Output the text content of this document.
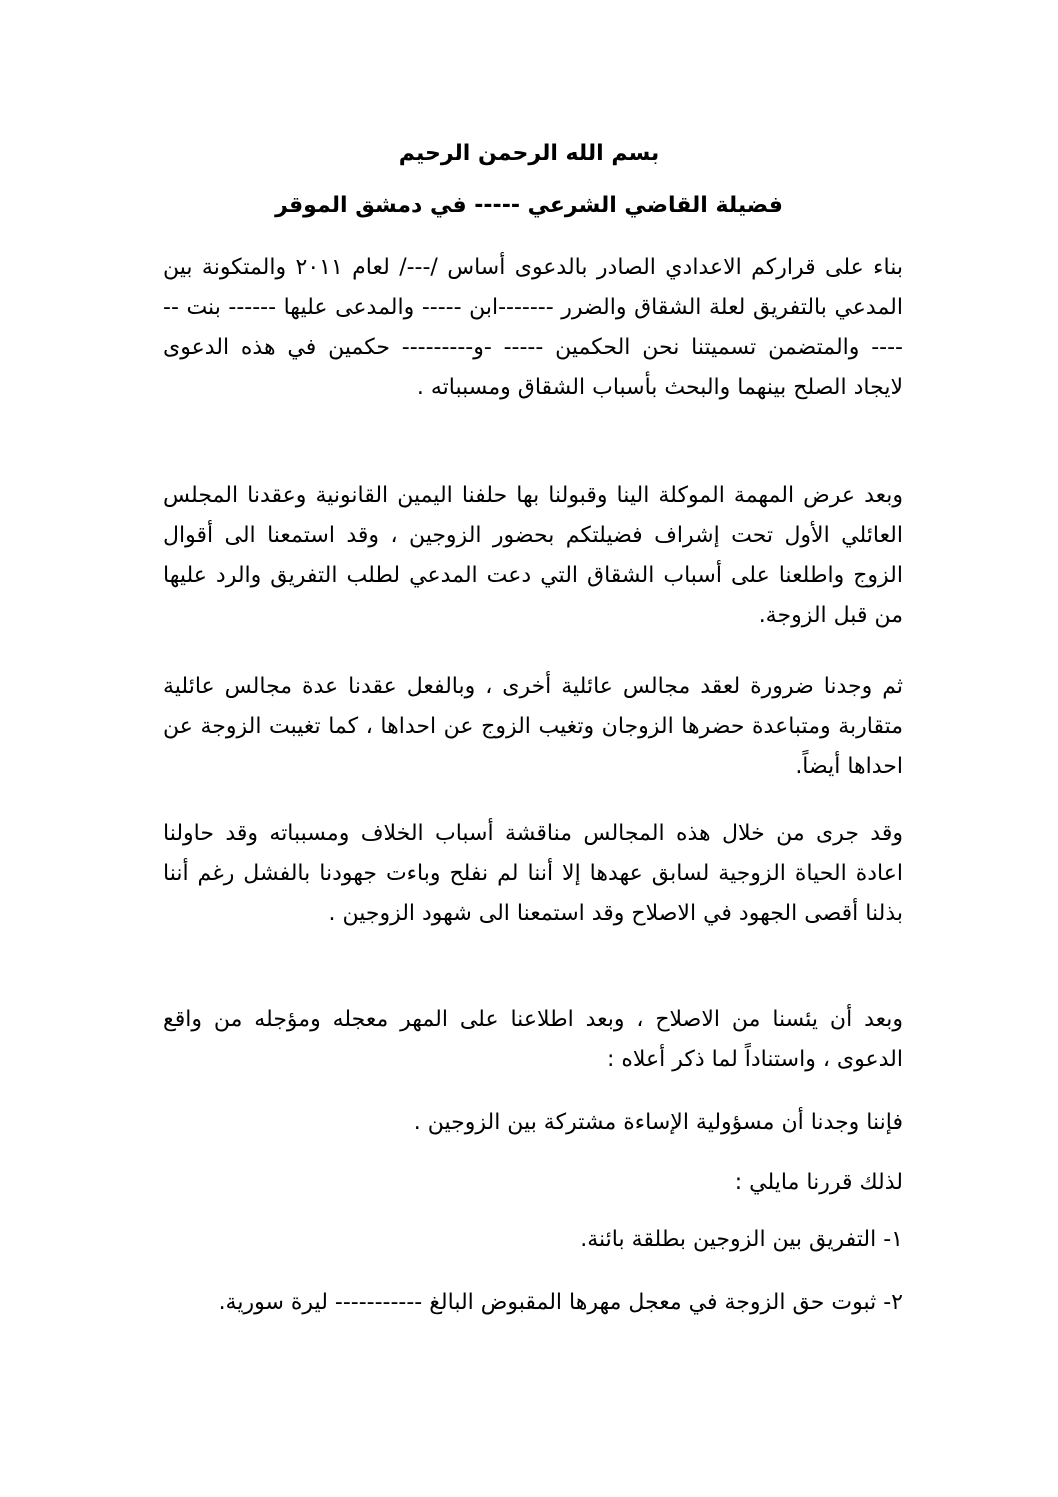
بسم الله الرحمن الرحيم
فضيلة القاضي الشرعي ----- في دمشق الموقر

بناء على قراركم الاعدادي الصادر بالدعوى أساس /---/ لعام ٢٠١١ والمتكونة بين المدعي بالتفريق لعلة الشقاق والضرر -------ابن ----- والمدعى عليها ------ بنت ------ والمتضمن تسميتنا نحن الحكمين ----- -و--------- حكمين في هذه الدعوى لايجاد الصلح بينهما والبحث بأسباب الشقاق ومسبباته .

وبعد عرض المهمة الموكلة الينا وقبولنا بها حلفنا اليمين القانونية وعقدنا المجلس العائلي الأول تحت إشراف فضيلتكم بحضور الزوجين ، وقد استمعنا الى أقوال الزوج واطلعنا على أسباب الشقاق التي دعت المدعي لطلب التفريق والرد عليها من قبل الزوجة.

ثم وجدنا ضرورة لعقد مجالس عائلية أخرى ، وبالفعل عقدنا عدة مجالس عائلية متقاربة ومتباعدة حضرها الزوجان وتغيب الزوج عن احداها ، كما تغيبت الزوجة عن احداها أيضاً.

وقد جرى من خلال هذه المجالس مناقشة أسباب الخلاف ومسبباته وقد حاولنا اعادة الحياة الزوجية لسابق عهدها إلا أننا لم نفلح وباءت جهودنا بالفشل رغم أننا بذلنا أقصى الجهود في الاصلاح وقد استمعنا الى شهود الزوجين .

وبعد أن يئسنا من الاصلاح ، وبعد اطلاعنا على المهر معجله ومؤجله من واقع الدعوى ، واستناداً لما ذكر أعلاه :

فإننا وجدنا أن مسؤولية الإساءة مشتركة بين الزوجين .

لذلك قررنا مايلي :

١- التفريق بين الزوجين بطلقة بائنة.

٢- ثبوت حق الزوجة في معجل مهرها المقبوض البالغ ----------- ليرة سورية.
